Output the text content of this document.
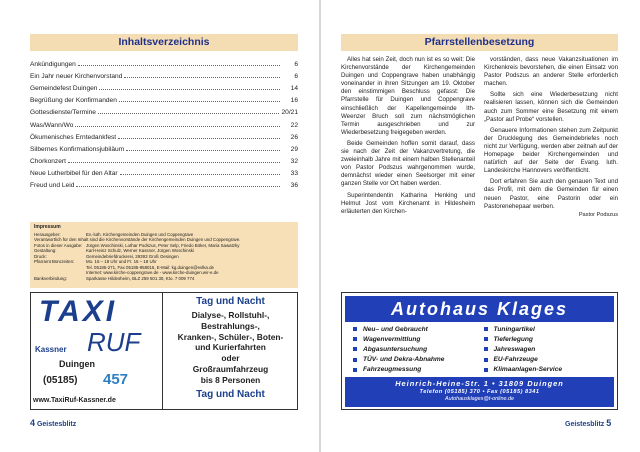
Inhaltsverzeichnis
Ankündigungen	6
Ein Jahr neuer Kirchenvorstand	6
Gemeindefest Duingen	14
Begrüßung der Konfirmanden	16
Gottesdienste/Termine	20/21
Was/Wann/Wo	22
Ökumenisches Erntedankfest	26
Silbernes Konfirmationsjubiläum	29
Chorkonzert	32
Neue Lutherbibel für den Altar	33
Freud und Leid	36
Impressum
Herausgeber:	Ev.-luth. Kirchengemeinden Duingen und Coppengrave
Verantwortlich für den Inhalt sind die Kirchenvorstände der Kirchengemeinden Duingen und Coppengrave.
Fotos in dieser Ausgabe: Jürgen Woschinski, Lothar Podszus, Peter Selp, Friedo Böker, Maria Sawatzky
Gestaltung:	Karl-Heinz Schulz, Werner Kassner, Jürgen Woschinski
Druck:	Gemeindebriefdruckerei, 29393 Groß Oesingen
Pfarramt Bürozeiten:	Mo. 16 – 18 Uhr und Fr. 16 – 18 Uhr
Tel. 05185-271, Fax 05185-958016, E-Mail: kg.duingen@evlka.de
Internet: www.kirche-coppengrave.de - www.kirche-duingen.wir-e.de
Bankverbindung:	Sparkasse Hildesheim, BLZ 259 501 30, Kto. 7 009 774
TAXI
RUF
Kassner
Duingen
(05185) 457
www.TaxiRuf-Kassner.de
Tag und Nacht
Dialyse-, Rollstuhl-,
Bestrahlungs-,
Kranken-, Schüler-, Boten-
und Kurierfahrten
oder
Großraumfahrzeug
bis 8 Personen
Tag und Nacht
4 Geistesblitz
Pfarrstellenbesetzung

Alles hat sein Zeit, doch nun ist es so weit: Die Kirchenvorstände der Kirchengemeinden Duingen und Coppengrave haben unabhängig voneinander in ihren Sitzungen am 19. Oktober den einstimmigen Beschluss gefasst: Die Pfarrstelle für Duingen und Coppengrave einschließlich der Kapellengemeinde Ith-Weenzer Bruch soll zum nächstmöglichen Termin ausgeschrieben und zur Wiederbesetzung freigegeben werden.

Beide Gemeinden hoffen somit darauf, dass sie nach der Zeit der Vakanzvertretung, die zweieinhalb Jahre mit einem halben Stellenanteil von Pastor Podszus wahrgenommen wurde, demnächst wieder einen Seelsorger mit einer ganzen Stelle vor Ort haben werden.

Superintendentin Katharina Henking und Helmut Jost vom Kirchenamt in Hildesheim erläuterten den Kirchen-

vorständen, dass neue Vakanzsituationen im Kirchenkreis bevorstehen, die einen Einsatz von Pastor Podszus an anderer Stelle erforderlich machen.

Sollte sich eine Wiederbesetzung nicht realisieren lassen, können sich die Gemeinden auch zum Sommer eine Besetzung mit einem „Pastor auf Probe“ vorstellen.

Genauere Informationen stehen zum Zeitpunkt der Drucklegung des Gemeindebriefes noch nicht zur Verfügung, werden aber zeitnah auf der Homepage beider Kirchengemeinden und natürlich auf der Seite der Evang. luth. Landeskirche Hannovers veröffentlicht.

Dort erfahren Sie auch den genauen Text und das Profil, mit dem die Gemeinden für einen neuen Pastor, eine Pastorin oder ein Pastorenehepaar werben.

Pastor Podszus
Autohaus Klages
Neu– und Gebraucht
Wagenvermittlung
Abgasuntersuchung
TÜV- und Dekra-Abnahme
Fahrzeugmessung
Tuningartikel
Tieferlegung
Jahreswagen
EU-Fahrzeuge
Klimaanlagen-Service
Heinrich-Heine-Str. 1 • 31809 Duingen
Telefon (05185) 370 • Fax (05185) 8341
Autohausklages@t-online.de
Geistesblitz 5
